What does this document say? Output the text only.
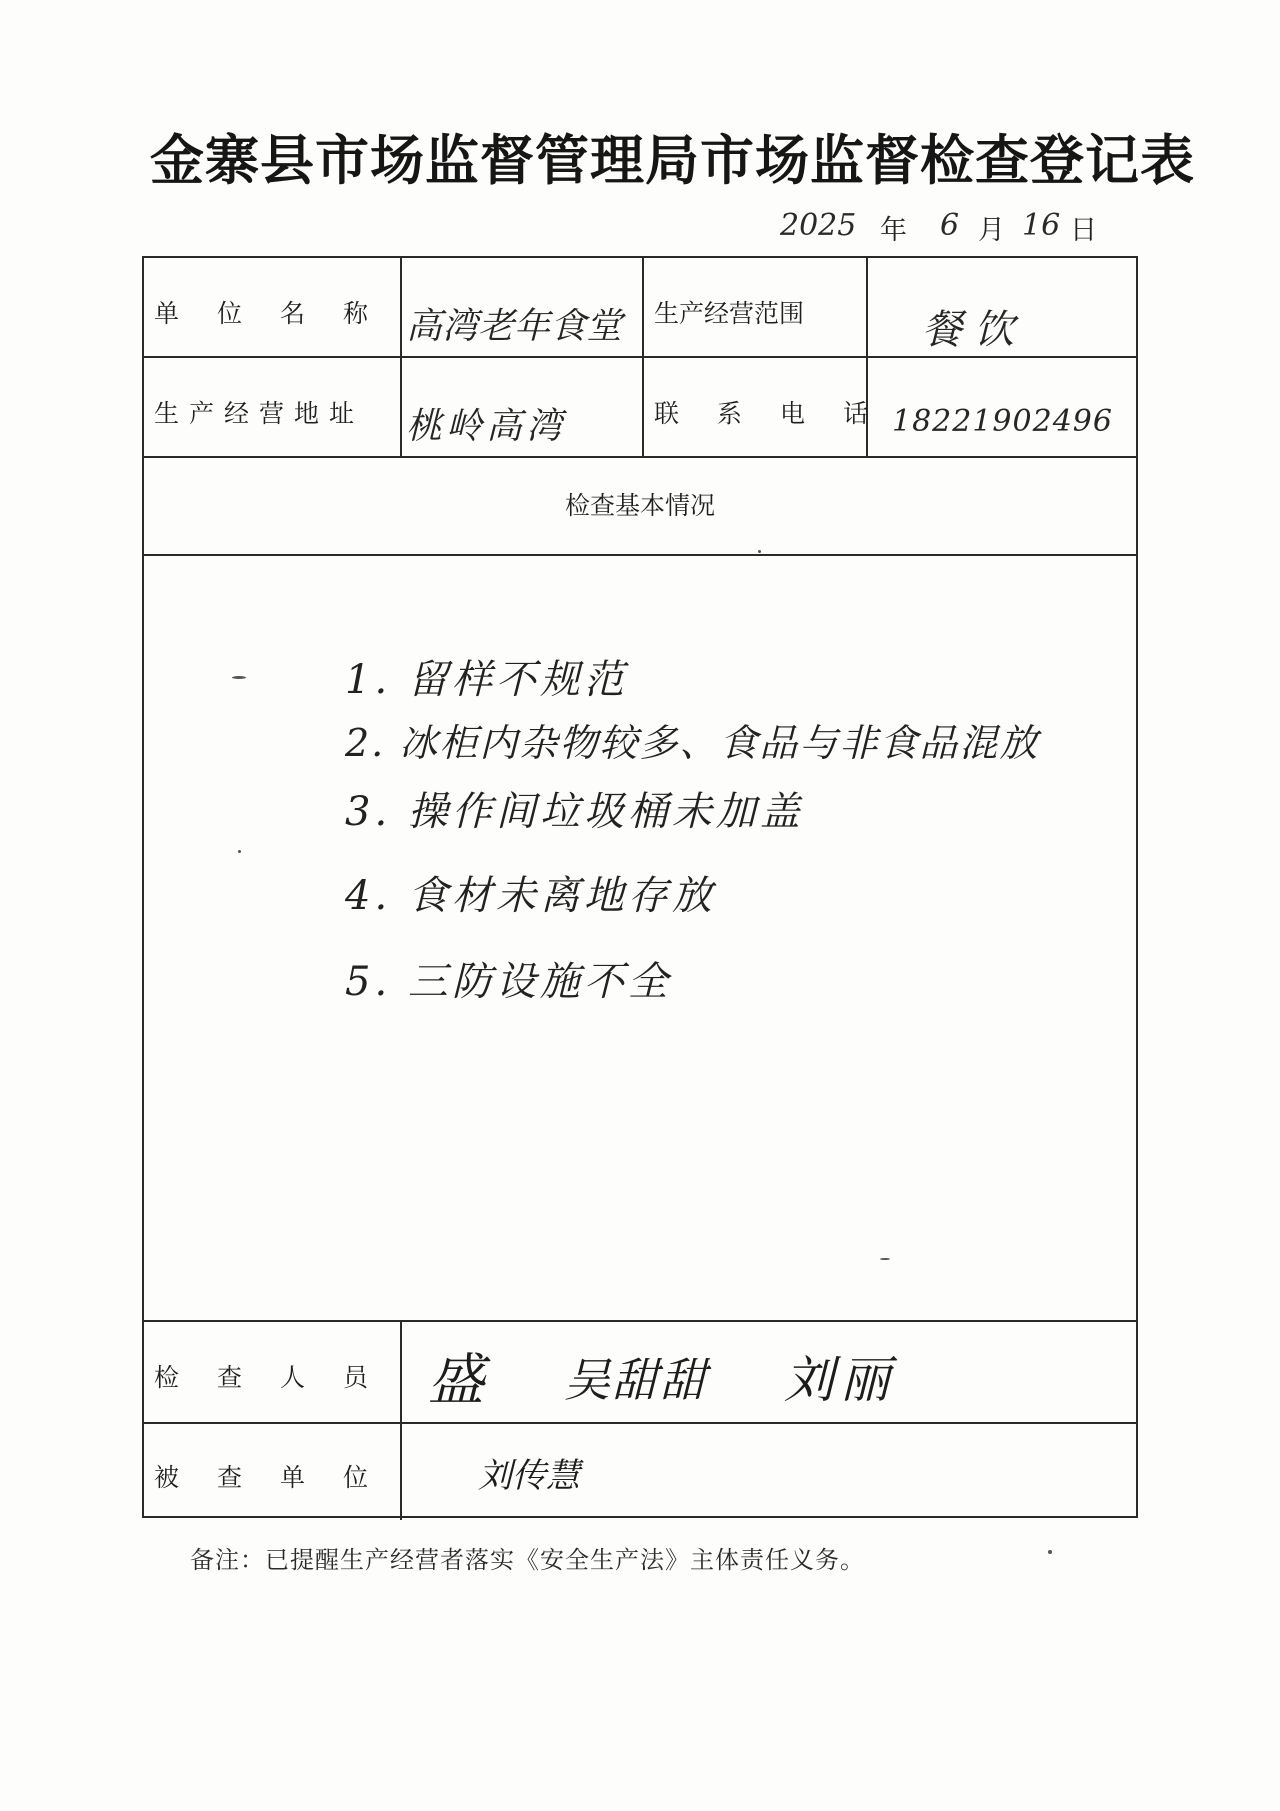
金寨县市场监督管理局市场监督检查登记表
2025 年 6 月 16 日
单位名称 高湾老年食堂 生产经营范围	餐饮
生产经营地址 桃岭高湾	联系电话
18221902496
检查基本情况
检查人员 盛 吴甜甜 刘丽
被查单位 刘传慧
1. 留样不规范
2. 冰柜内杂物较多、食品与非食品混放
3. 操作间垃圾桶未加盖
4. 食材未离地存放
5. 三防设施不全
备注：已提醒生产经营者落实《安全生产法》主体责任义务。
